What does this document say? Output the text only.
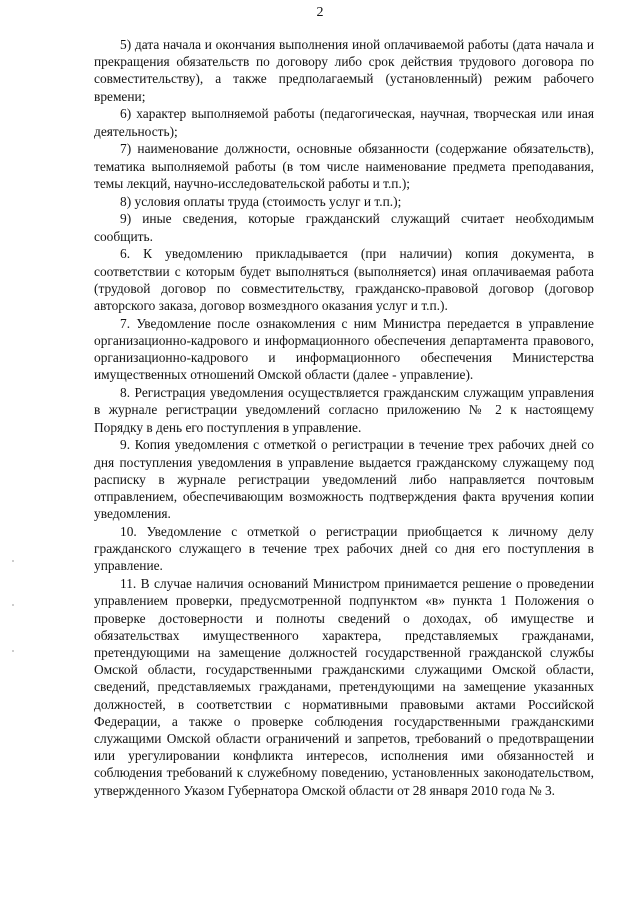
2

5) дата начала и окончания выполнения иной оплачиваемой работы (дата начала и прекращения обязательств по договору либо срок действия трудового договора по совместительству), а также предполагаемый (установленный) режим рабочего времени;

6) характер выполняемой работы (педагогическая, научная, творческая или иная деятельность);

7) наименование должности, основные обязанности (содержание обязательств), тематика выполняемой работы (в том числе наименование предмета преподавания, темы лекций, научно-исследовательской работы и т.п.);

8) условия оплаты труда (стоимость услуг и т.п.);

9) иные сведения, которые гражданский служащий считает необходимым сообщить.

6. К уведомлению прикладывается (при наличии) копия документа, в соответствии с которым будет выполняться (выполняется) иная оплачиваемая работа (трудовой договор по совместительству, гражданско-правовой договор (договор авторского заказа, договор возмездного оказания услуг и т.п.).

7. Уведомление после ознакомления с ним Министра передается в управление организационно-кадрового и информационного обеспечения департамента правового, организационно-кадрового и информационного обеспечения Министерства имущественных отношений Омской области (далее - управление).

8. Регистрация уведомления осуществляется гражданским служащим управления в журнале регистрации уведомлений согласно приложению № 2 к настоящему Порядку в день его поступления в управление.

9. Копия уведомления с отметкой о регистрации в течение трех рабочих дней со дня поступления уведомления в управление выдается гражданскому служащему под расписку в журнале регистрации уведомлений либо направляется почтовым отправлением, обеспечивающим возможность подтверждения факта вручения копии уведомления.

10. Уведомление с отметкой о регистрации приобщается к личному делу гражданского служащего в течение трех рабочих дней со дня его поступления в управление.

11. В случае наличия оснований Министром принимается решение о проведении управлением проверки, предусмотренной подпунктом «в» пункта 1 Положения о проверке достоверности и полноты сведений о доходах, об имуществе и обязательствах имущественного характера, представляемых гражданами, претендующими на замещение должностей государственной гражданской службы Омской области, государственными гражданскими служащими Омской области, сведений, представляемых гражданами, претендующими на замещение указанных должностей, в соответствии с нормативными правовыми актами Российской Федерации, а также о проверке соблюдения государственными гражданскими служащими Омской области ограничений и запретов, требований о предотвращении или урегулировании конфликта интересов, исполнения ими обязанностей и соблюдения требований к служебному поведению, установленных законодательством, утвержденного Указом Губернатора Омской области от 28 января 2010 года № 3.
